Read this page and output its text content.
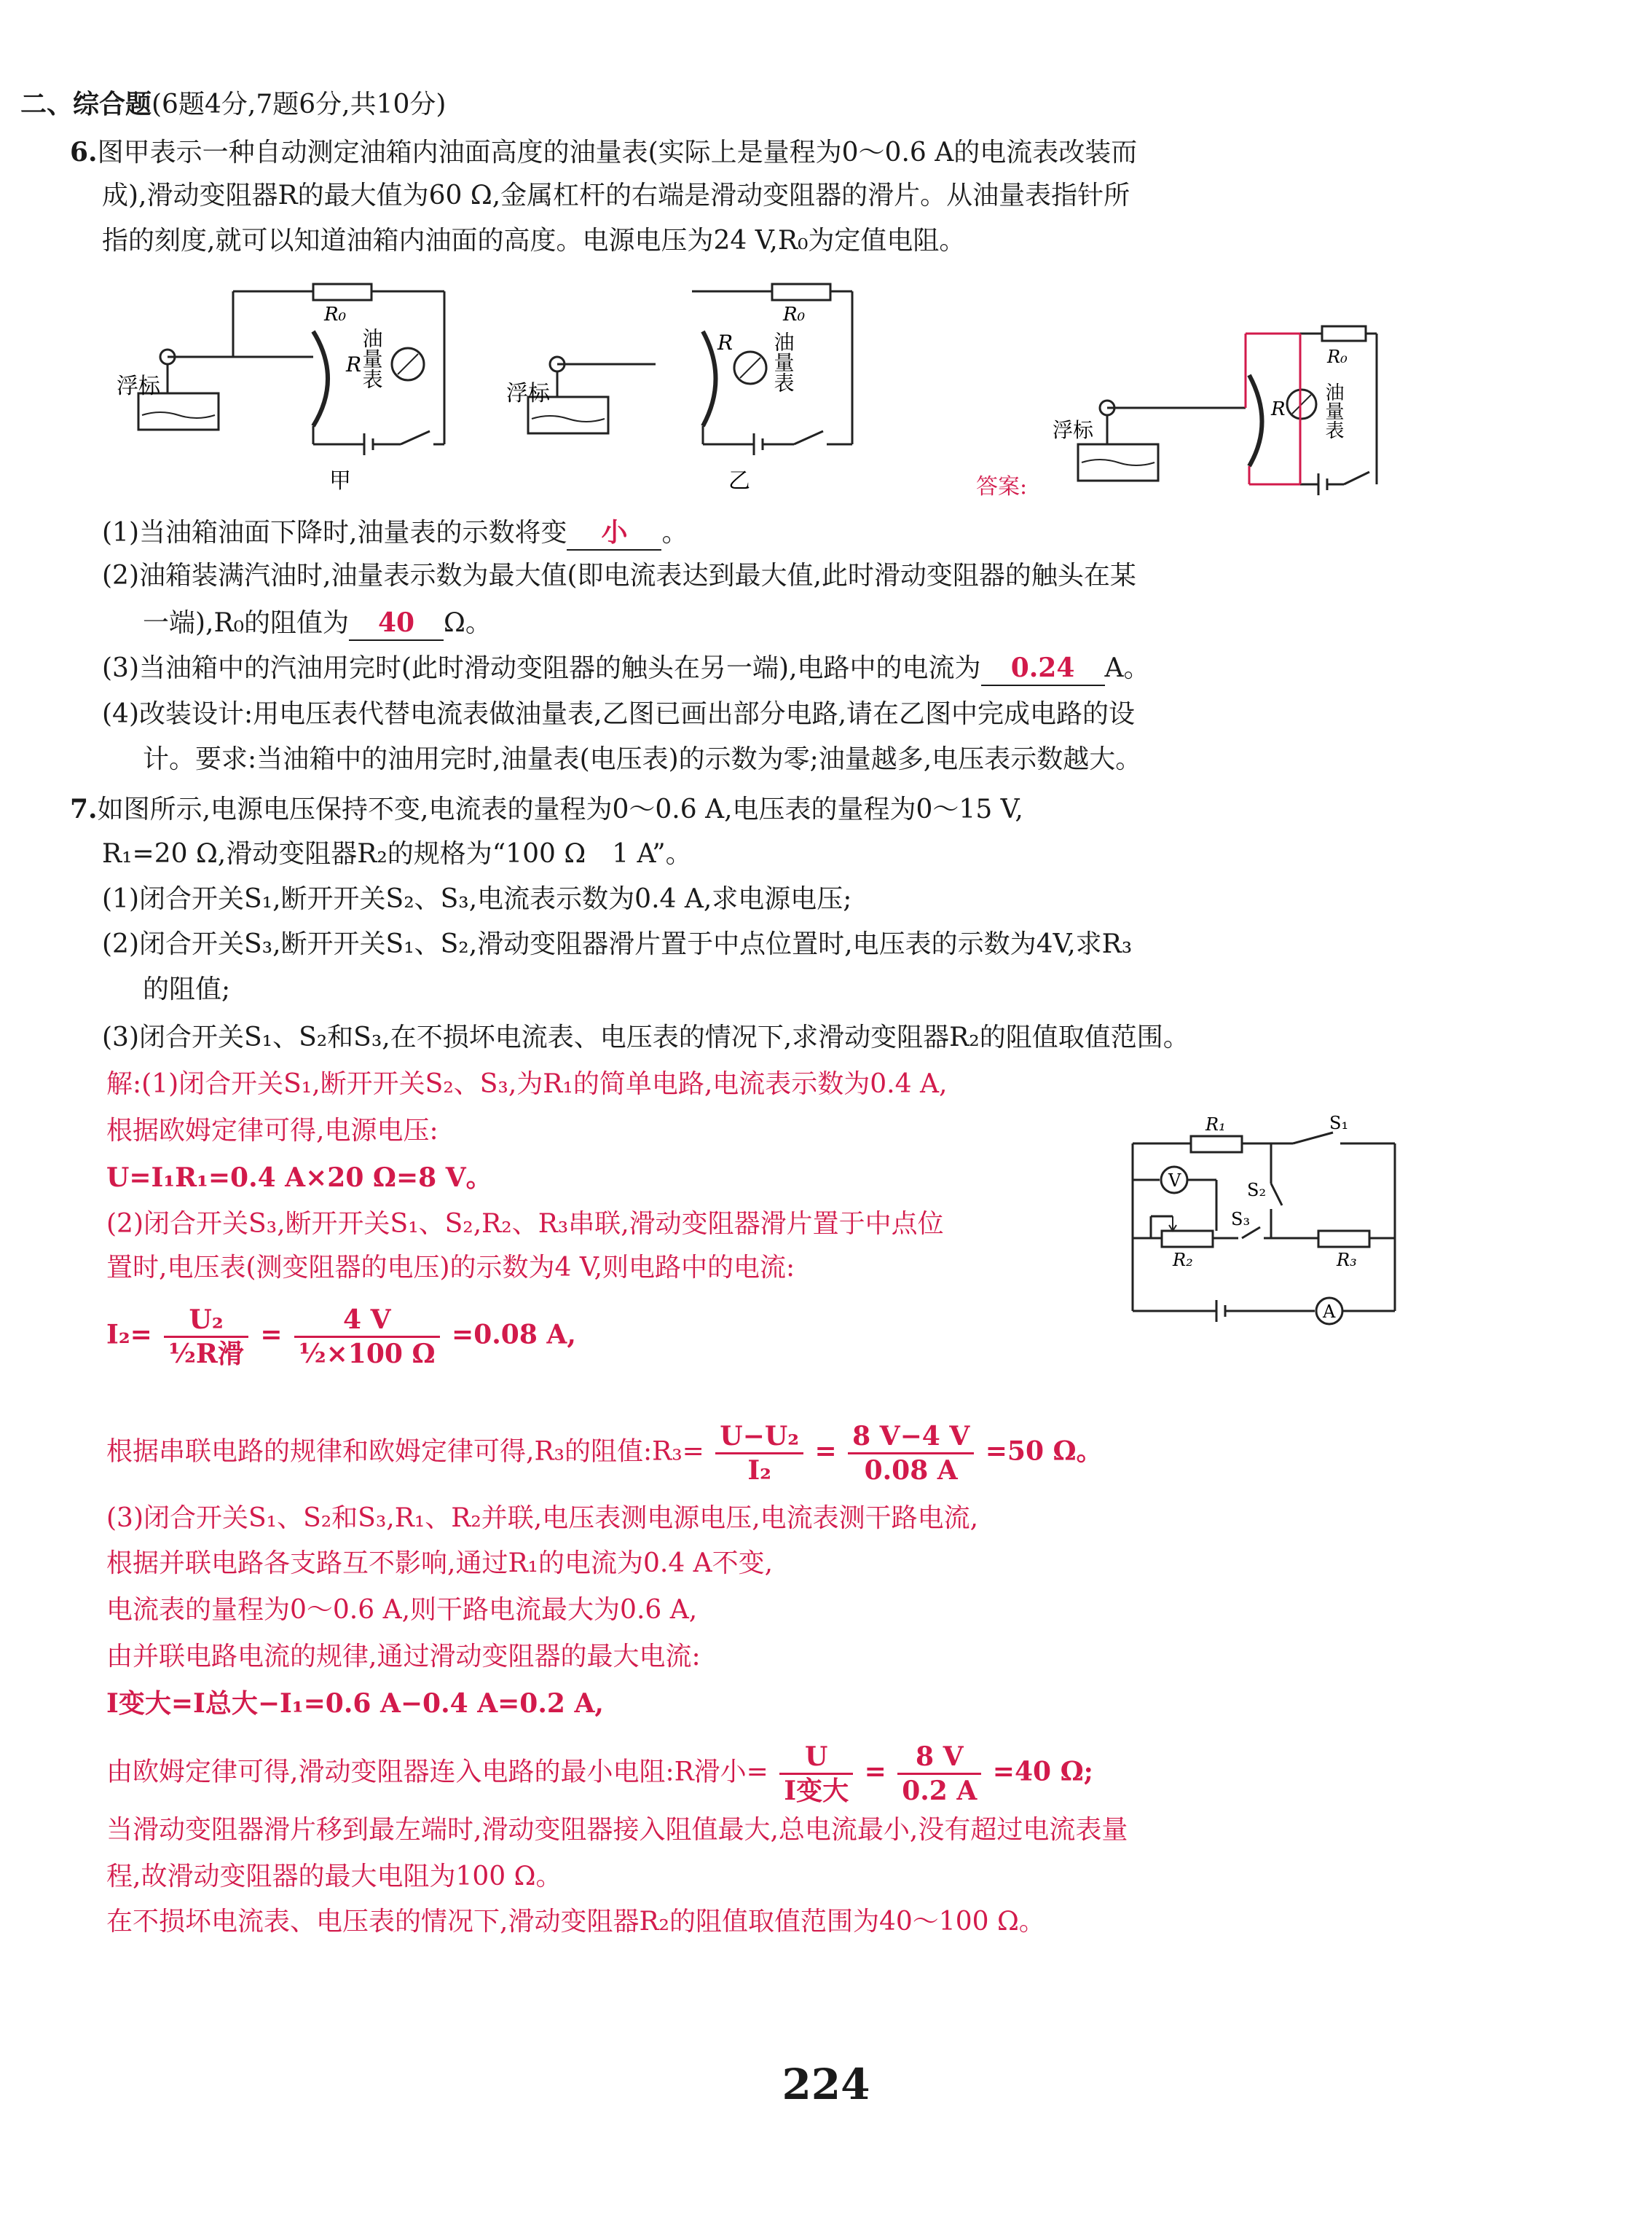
二、综合题(6题4分,7题6分,共10分)
6.图甲表示一种自动测定油箱内油面高度的油量表(实际上是量程为0～0.6 A的电流表改装而
成),滑动变阻器R的最大值为60 Ω,金属杠杆的右端是滑动变阻器的滑片。从油量表指针所
指的刻度,就可以知道油箱内油面的高度。电源电压为24 V,R₀为定值电阻。
浮标
R₀
R
油量表
甲
浮标
R₀
R 油量表
乙	答案:
浮标
R₀
R 油量表
(1)当油箱油面下降时,油量表的示数将变 小 。
(2)油箱装满汽油时,油量表示数为最大值(即电流表达到最大值,此时滑动变阻器的触头在某
一端),R₀的阻值为 40 Ω。
(3)当油箱中的汽油用完时(此时滑动变阻器的触头在另一端),电路中的电流为 0.24 A。
(4)改装设计:用电压表代替电流表做油量表,乙图已画出部分电路,请在乙图中完成电路的设
计。要求:当油箱中的油用完时,油量表(电压表)的示数为零;油量越多,电压表示数越大。
7.如图所示,电源电压保持不变,电流表的量程为0～0.6 A,电压表的量程为0～15 V,
R₁=20 Ω,滑动变阻器R₂的规格为“100 Ω　1 A”。
(1)闭合开关S₁,断开开关S₂、S₃,电流表示数为0.4 A,求电源电压;
(2)闭合开关S₃,断开开关S₁、S₂,滑动变阻器滑片置于中点位置时,电压表的示数为4V,求R₃
的阻值;
(3)闭合开关S₁、S₂和S₃,在不损坏电流表、电压表的情况下,求滑动变阻器R₂的阻值取值范围。
R₁	S₁
S₂
S₃
R₂	R₃
V
A
解:(1)闭合开关S₁,断开开关S₂、S₃,为R₁的简单电路,电流表示数为0.4 A,
根据欧姆定律可得,电源电压:
U=I₁R₁=0.4 A×20 Ω=8 V。
(2)闭合开关S₃,断开开关S₁、S₂,R₂、R₃串联,滑动变阻器滑片置于中点位
置时,电压表(测变阻器的电压)的示数为4 V,则电路中的电流:
$I_2= \frac{\text{U₂}}{\text{½R滑}} = \frac{4 V}{\text{½×100 Ω}} =0.08$ A,
根据串联电路的规律和欧姆定律可得,R₃的阻值:R₃= $\frac{\text{U−U₂}}{\text{I₂}} = \frac{8 V-4 V}{0.08 A} =50$ Ω。
(3)闭合开关S₁、S₂和S₃,R₁、R₂并联,电压表测电源电压,电流表测干路电流,
根据并联电路各支路互不影响,通过R₁的电流为0.4 A不变,
电流表的量程为0～0.6 A,则干路电流最大为0.6 A,
由并联电路电流的规律,通过滑动变阻器的最大电流:
I变大=I总大−I₁=0.6 A−0.4 A=0.2 A,
由欧姆定律可得,滑动变阻器连入电路的最小电阻:R滑小= $\frac{U}{\text{I变大}} = \frac{8 V}{0.2 A} =40$ Ω;
当滑动变阻器滑片移到最左端时,滑动变阻器接入阻值最大,总电流最小,没有超过电流表量
程,故滑动变阻器的最大电阻为100 Ω。
在不损坏电流表、电压表的情况下,滑动变阻器R₂的阻值取值范围为40～100 Ω。
224
